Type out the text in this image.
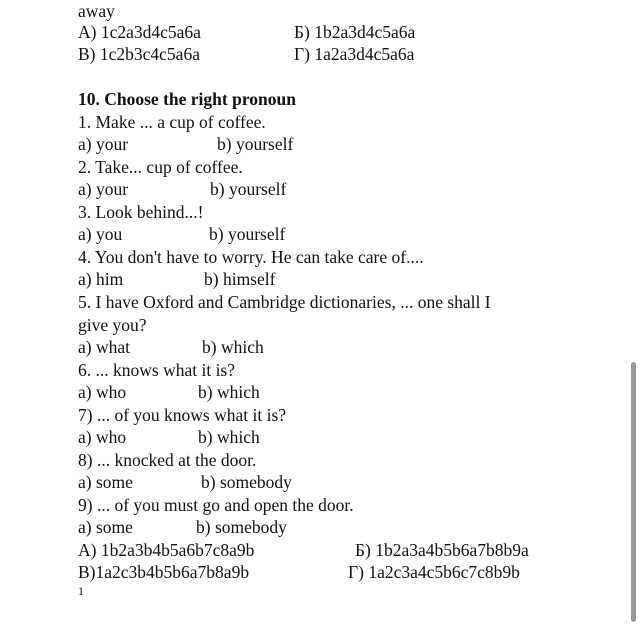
away
A) 1c2a3d4c5a6a	Б) 1b2a3d4c5a6a
В) 1c2b3c4c5a6a	Г) 1a2a3d4c5a6a
10. Choose the right pronoun
1. Make ... a cup of coffee.
a) your	b) yourself
2. Take... cup of coffee.
a) your	b) yourself
3. Look behind...!
a) you	b) yourself
4. You don't have to worry. He can take care of....
a) him	b) himself
5. I have Oxford and Cambridge dictionaries, ... one shall I
give you?
a) what	b) which
6. ... knows what it is?
a) who	b) which
7) ... of you knows what it is?
a) who	b) which
8) ... knocked at the door.
a) some	b) somebody
9) ... of you must go and open the door.
a) some	b) somebody
A) 1b2a3b4b5a6b7c8a9b	Б) 1b2a3a4b5b6a7b8b9a
В)1a2c3b4b5b6a7b8a9b	Г) 1a2c3a4c5b6c7c8b9b
1
